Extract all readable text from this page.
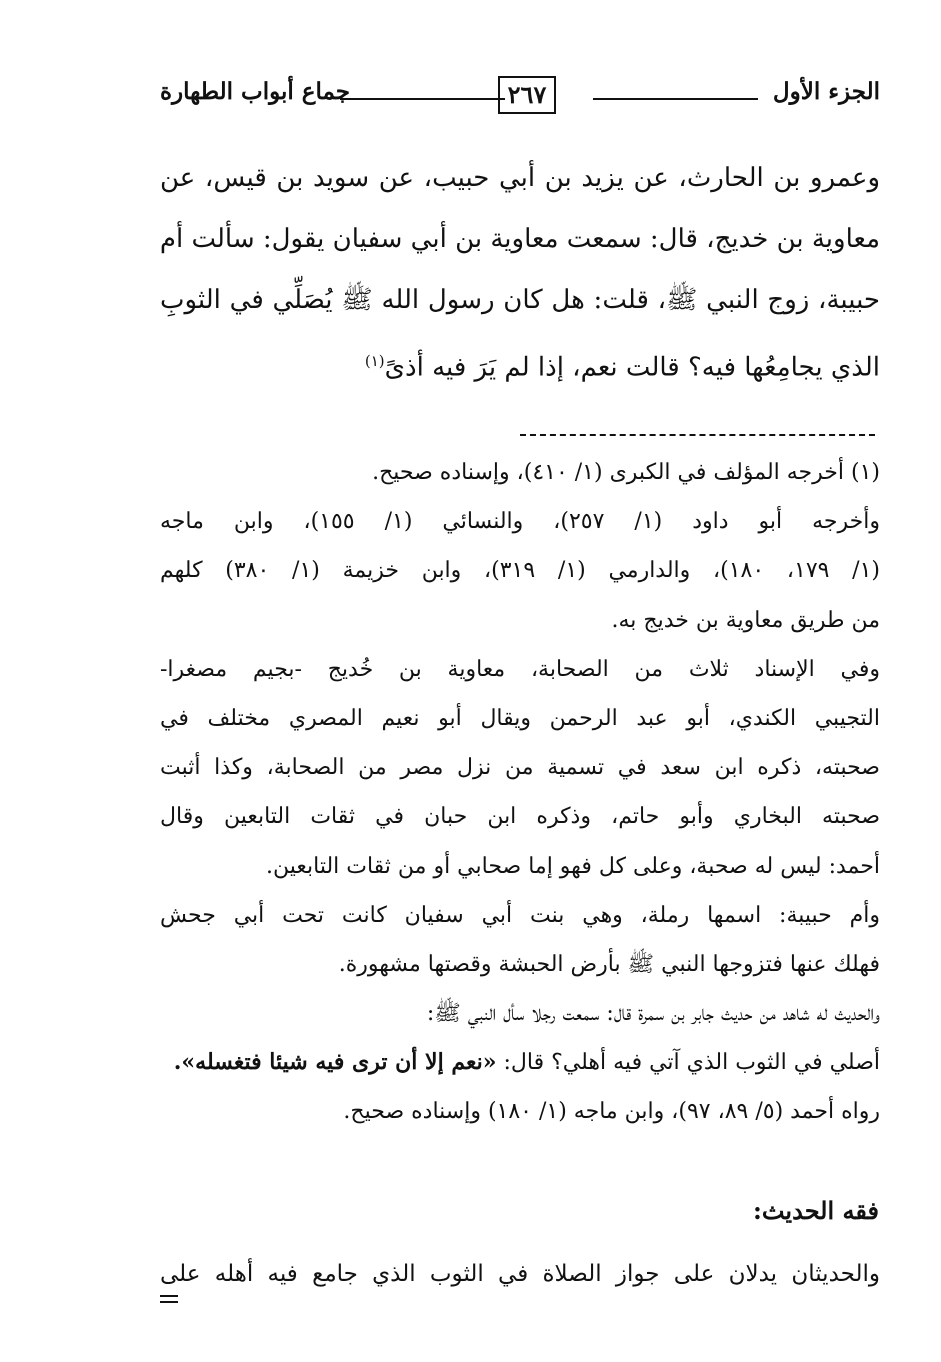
الجزء الأول
٢٦٧
جماع أبواب الطهارة
وعمرو بن الحارث، عن يزيد بن أبي حبيب، عن سويد بن قيس، عن
معاوية بن خديج، قال: سمعت معاوية بن أبي سفيان يقول: سألت أم
حبيبة، زوج النبي ﷺ، قلت: هل كان رسول الله ﷺ يُصَلِّي في الثوبِ
الذي يجامِعُها فيه؟ قالت نعم، إذا لم يَرَ فيه أذىً$^{(١)}$
(١) أخرجه المؤلف في الكبرى (١/ ٤١٠)، وإسناده صحيح.
وأخرجه أبو داود (١/ ٢٥٧)، والنسائي (١/ ١٥٥)، وابن ماجه
(١/ ١٧٩، ١٨٠)، والدارمي (١/ ٣١٩)، وابن خزيمة (١/ ٣٨٠) كلهم
من طريق معاوية بن خديج به.
وفي الإسناد ثلاث من الصحابة، معاوية بن خُديج -بجيم مصغرا-
التجيبي الكندي، أبو عبد الرحمن ويقال أبو نعيم المصري مختلف في
صحبته، ذكره ابن سعد في تسمية من نزل مصر من الصحابة، وكذا أثبت
صحبته البخاري وأبو حاتم، وذكره ابن حبان في ثقات التابعين وقال
أحمد: ليس له صحبة، وعلى كل فهو إما صحابي أو من ثقات التابعين.
وأم حبيبة: اسمها رملة، وهي بنت أبي سفيان كانت تحت أبي جحش
فهلك عنها فتزوجها النبي ﷺ بأرض الحبشة وقصتها مشهورة.
والحديث له شاهد من حديث جابر بن سمرة قال: سمعت رجلا سأل النبي ﷺ:
أصلي في الثوب الذي آتي فيه أهلي؟ قال: «نعم إلا أن ترى فيه شيئا فتغسله».
رواه أحمد (٥/ ٨٩، ٩٧)، وابن ماجه (١/ ١٨٠) وإسناده صحيح.
فقه الحديث:
والحديثان يدلان على جواز الصلاة في الثوب الذي جامع فيه أهله على
